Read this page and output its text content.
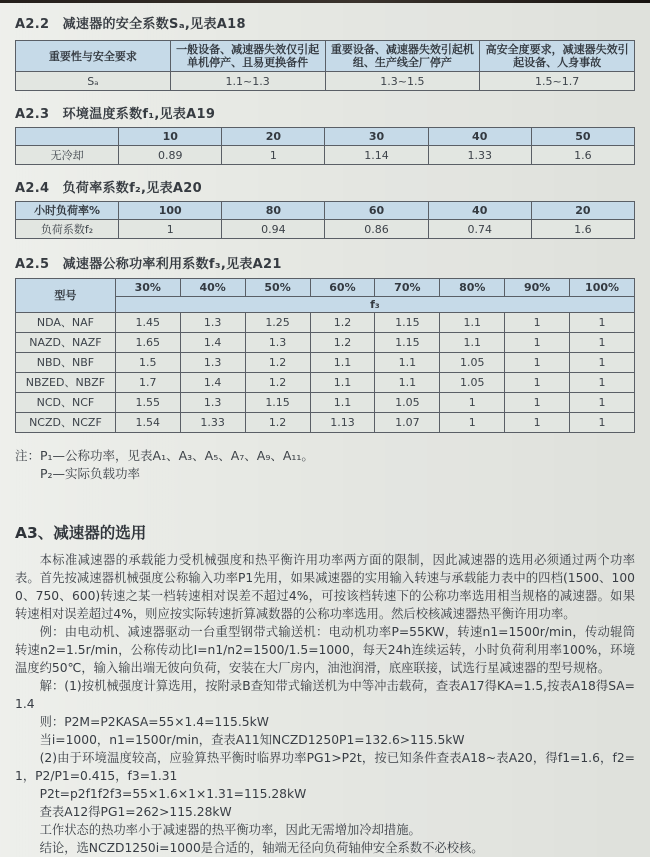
A2.2　减速器的安全系数Sₐ,见表A18
重要性与安全要求	一般设备、减速器失效仅引起单机停产、且易更换备件	重要设备、减速器失效引起机组、生产线全厂停产	高安全度要求，减速器失效引起设备、人身事故
Sₐ	1.1~1.3	1.3~1.5	1.5~1.7
A2.3　环境温度系数f₁,见表A19
	10	20	30	40	50
无冷却	0.89	1	1.14	1.33	1.6
A2.4　负荷率系数f₂,见表A20
小时负荷率%	100	80	60	40	20
负荷系数f₂	1	0.94	0.86	0.74	1.6
A2.5　减速器公称功率利用系数f₃,见表A21
型号	30%	40%	50%	60%	70%	80%	90%	100%
	f₃							
NDA、NAF	1.45	1.3	1.25	1.2	1.15	1.1	1	1
NAZD、NAZF	1.65	1.4	1.3	1.2	1.15	1.1	1	1
NBD、NBF	1.5	1.3	1.2	1.1	1.1	1.05	1	1
NBZED、NBZF	1.7	1.4	1.2	1.1	1.1	1.05	1	1
NCD、NCF	1.55	1.3	1.15	1.1	1.05	1	1	1
NCZD、NCZF	1.54	1.33	1.2	1.13	1.07	1	1	1
注：P₁—公称功率，见表A₁、A₃、A₅、A₇、A₉、A₁₁。
P₂—实际负载功率
A3、减速器的选用

本标准减速器的承载能力受机械强度和热平衡许用功率两方面的限制，因此减速器的选用必须通过两个功率表。首先按减速器机械强度公称输入功率P1先用，如果减速器的实用输入转速与承载能力表中的四档(1500、1000、750、600)转速之某一档转速相对误差不超过4%，可按该档转速下的公称功率选用相当规格的减速器。如果转速相对误差超过4%，则应按实际转速折算减数器的公称功率选用。然后校核减速器热平衡许用功率。

例：由电动机、减速器驱动一台重型钢带式输送机：电动机功率P=55KW，转速n1=1500r/min，传动辊筒转速n2=1.5r/min，公称传动比I=n1/n2=1500/1.5=1000，每天24h连续运转，小时负荷利用率100%，环境温度约50℃，输入输出端无彼向负荷，安装在大厂房内，油池润滑，底座联接，试选行星减速器的型号规格。

解：(1)按机械强度计算选用，按附录B查知带式输送机为中等冲击载荷，查表A17得KA=1.5,按表A18得SA=1.4

则：P2M=P2KASA=55×1.4=115.5kW

当i=1000，n1=1500r/min，查表A11知NCZD1250P1=132.6>115.5kW

(2)由于环境温度较高，应验算热平衡时临界功率PG1>P2t，按已知条件查表A18~表A20，得f1=1.6，f2=1，P2/P1=0.415，f3=1.31

P2t=p2f1f2f3=55×1.6×1×1.31=115.28kW

查表A12得PG1=262>115.28kW

工作状态的热功率小于减速器的热平衡功率，因此无需增加冷却措施。

结论，选NCZD1250i=1000是合适的，轴端无径向负荷轴伸安全系数不必校核。
